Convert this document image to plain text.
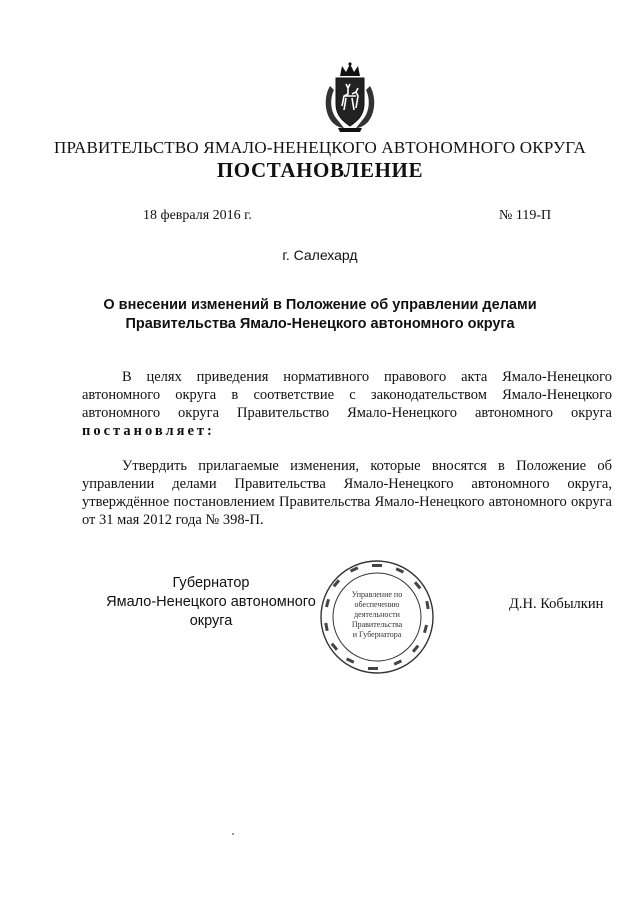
ПРАВИТЕЛЬСТВО ЯМАЛО-НЕНЕЦКОГО АВТОНОМНОГО ОКРУГА
ПОСТАНОВЛЕНИЕ
18 февраля 2016 г.	№ 119-П
г. Салехард
О внесении изменений в Положение об управлении делами
Правительства Ямало-Ненецкого автономного округа
В целях приведения нормативного правового акта Ямало-Ненецкого автономного округа в соответствие с законодательством Ямало-Ненецкого автономного округа Правительство Ямало-Ненецкого автономного округа постановляет:
Утвердить прилагаемые изменения, которые вносятся в Положение об управлении делами Правительства Ямало-Ненецкого автономного округа, утверждённое постановлением Правительства Ямало-Ненецкого автономного округа от 31 мая 2012 года № 398-П.
Губернатор
Ямало-Ненецкого автономного округа
Управление по
обеспечению
деятельности
Правительства
и Губернатора
Д.Н. Кобылкин
